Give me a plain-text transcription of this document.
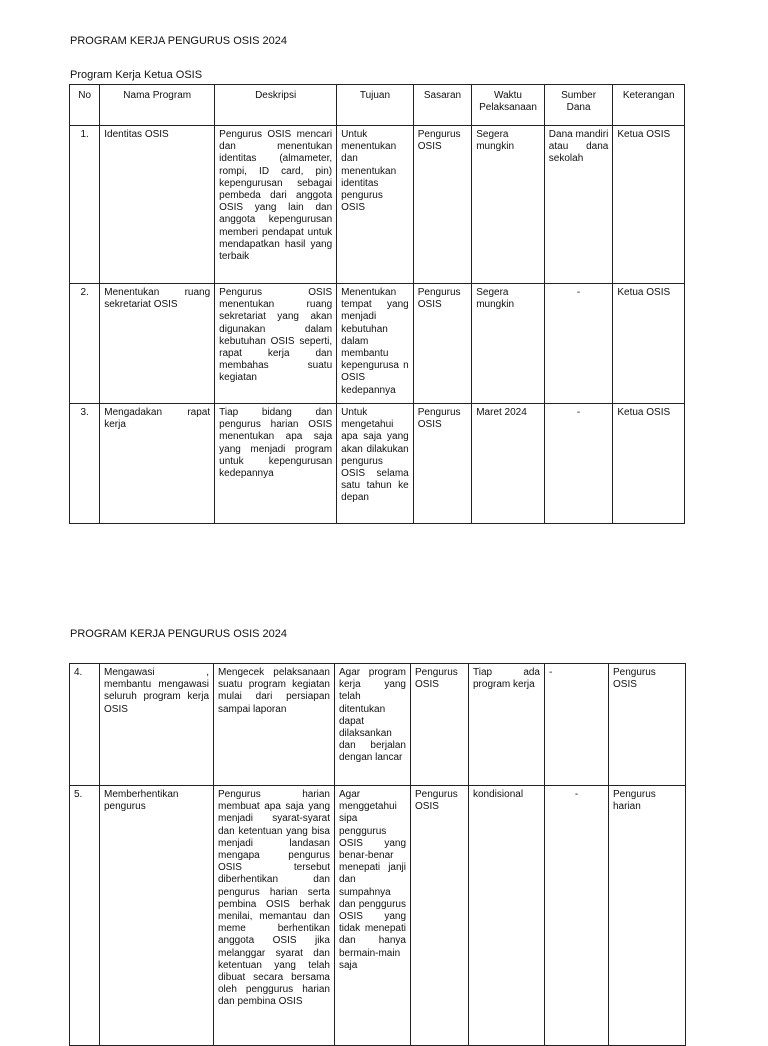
PROGRAM KERJA PENGURUS OSIS 2024
Program Kerja Ketua OSIS
No	Nama Program	Deskripsi	Tujuan	Sasaran	Waktu Pelaksanaan	Sumber Dana	Keterangan
1.	Identitas OSIS	Pengurus OSIS mencari dan menentukan identitas (almameter, rompi, ID card, pin) kepengurusan sebagai pembeda dari anggota OSIS yang lain dan anggota kepengurusan memberi pendapat untuk mendapatkan hasil yang terbaik	Untuk menentukan dan menentukan identitas pengurus OSIS	Pengurus OSIS	Segera mungkin	Dana mandiri atau dana sekolah	Ketua OSIS
2.	Menentukan ruang sekretariat OSIS	Pengurus OSIS menentukan ruang sekretariat yang akan digunakan dalam kebutuhan OSIS seperti, rapat kerja dan membahas suatu kegiatan	Menentukan tempat yang menjadi kebutuhan dalam membantu kepengurusa n OSIS kedepannya	Pengurus OSIS	Segera mungkin	-	Ketua OSIS
3.	Mengadakan rapat kerja	Tiap bidang dan pengurus harian OSIS menentukan apa saja yang menjadi program untuk kepengurusan kedepannya	Untuk mengetahui apa saja yang akan dilakukan pengurus OSIS selama satu tahun ke depan	Pengurus OSIS	Maret 2024	-	Ketua OSIS
PROGRAM KERJA PENGURUS OSIS 2024
4.	Mengawasi , membantu mengawasi seluruh program kerja OSIS	Mengecek pelaksanaan suatu program kegiatan mulai dari persiapan sampai laporan	Agar program kerja yang telah ditentukan dapat dilaksankan dan berjalan dengan lancar	Pengurus OSIS	Tiap ada program kerja	-	Pengurus OSIS
5.	Memberhentikan pengurus	Pengurus harian membuat apa saja yang menjadi syarat-syarat dan ketentuan yang bisa menjadi landasan mengapa pengurus OSIS tersebut diberhentikan dan pengurus harian serta pembina OSIS berhak menilai, memantau dan meme berhentikan anggota OSIS jika melanggar syarat dan ketentuan yang telah dibuat secara bersama oleh penggurus harian dan pembina OSIS	Agar menggetahui sipa penggurus OSIS yang benar-benar menepati janji dan sumpahnya dan penggurus OSIS yang tidak menepati dan hanya bermain-main saja	Pengurus OSIS	kondisional	-	Pengurus harian
